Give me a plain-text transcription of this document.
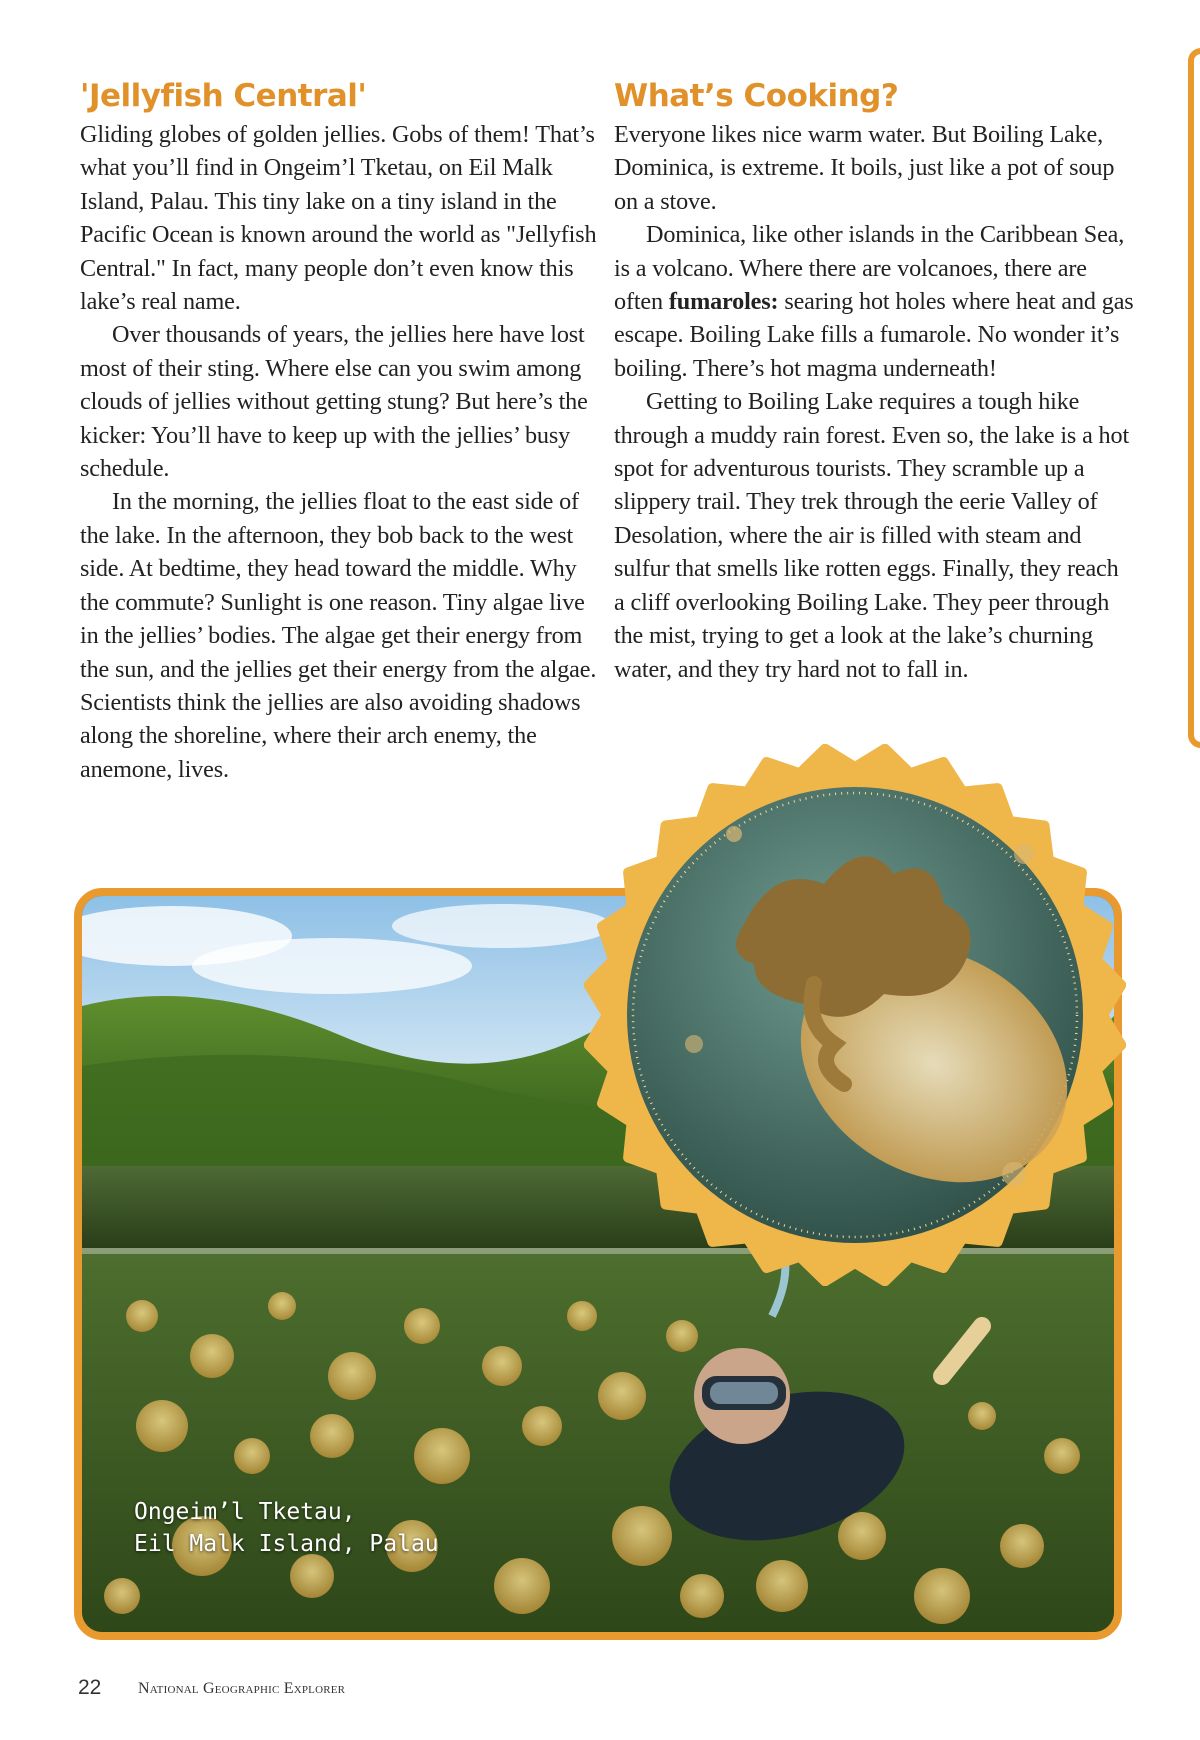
'Jellyfish Central'

Gliding globes of golden jellies. Gobs of them! That’s what you’ll find in Ongeim’l Tketau, on Eil Malk Island, Palau. This tiny lake on a tiny island in the Pacific Ocean is known around the world as "Jellyfish Central." In fact, many people don’t even know this lake’s real name.

Over thousands of years, the jellies here have lost most of their sting. Where else can you swim among clouds of jellies without getting stung? But here’s the kicker: You’ll have to keep up with the jellies’ busy schedule.

In the morning, the jellies float to the east side of the lake. In the afternoon, they bob back to the west side. At bedtime, they head toward the middle. Why the commute? Sunlight is one reason. Tiny algae live in the jellies’ bodies. The algae get their energy from the sun, and the jellies get their energy from the algae. Scientists think the jellies are also avoiding shadows along the shoreline, where their arch enemy, the anemone, lives.

What’s Cooking?

Everyone likes nice warm water. But Boiling Lake, Dominica, is extreme. It boils, just like a pot of soup on a stove.

Dominica, like other islands in the Caribbean Sea, is a volcano. Where there are volcanoes, there are often fumaroles: searing hot holes where heat and gas escape. Boiling Lake fills a fumarole. No wonder it’s boiling. There’s hot magma underneath!

Getting to Boiling Lake requires a tough hike through a muddy rain forest. Even so, the lake is a hot spot for adventurous tourists. They scramble up a slippery trail. They trek through the eerie Valley of Desolation, where the air is filled with steam and sulfur that smells like rotten eggs. Finally, they reach a cliff overlooking Boiling Lake. They peer through the mist, trying to get a look at the lake’s churning water, and they try hard not to fall in.

Ongeim’l Tketau,
Eil Malk Island, Palau
22 National Geographic Explorer
